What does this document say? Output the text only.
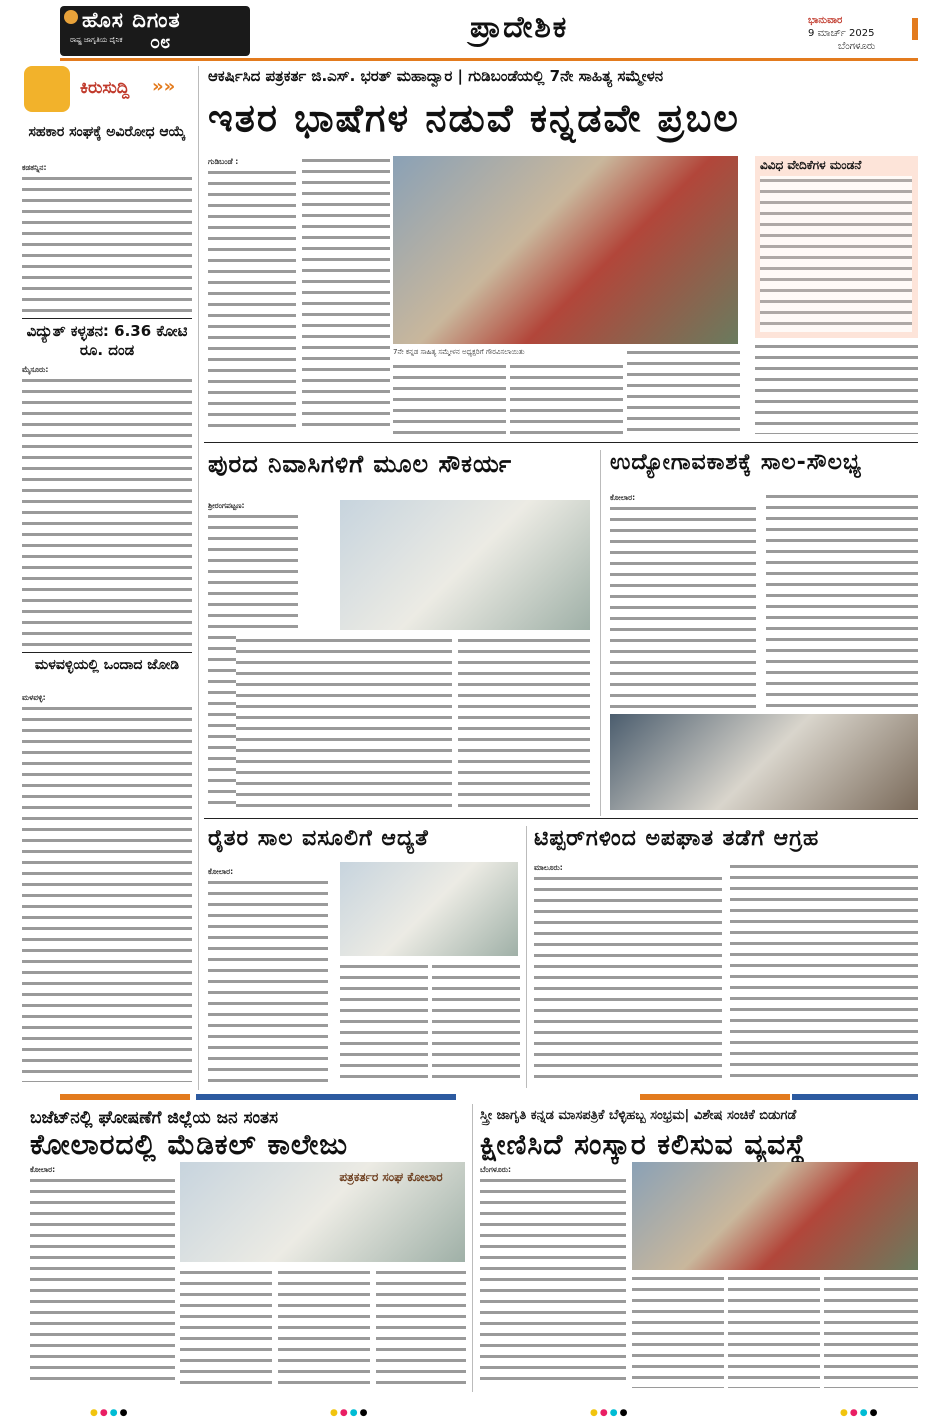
ಹೊಸ ದಿಗಂತ
ರಾಷ್ಟ್ರ ಜಾಗೃತಿಯ ದೈನಿಕ ೦೮	ಪ್ರಾದೇಶಿಕ	ಭಾನುವಾರ
9 ಮಾರ್ಚ್ 2025
ಬೆಂಗಳೂರು
ಕಿರುಸುದ್ದಿ »»
ಸಹಕಾರ ಸಂಘಕ್ಕೆ ಅವಿರೋಧ ಆಯ್ಕೆ
ಕಡತನ್ನಿನ:
ವಿದ್ಯುತ್ ಕಳ್ಳತನ: 6.36 ಕೋಟಿ ರೂ. ದಂಡ
ಮೈಸೂರು:
ಮಳವಳ್ಳಿಯಲ್ಲಿ ಒಂದಾದ ಜೋಡಿ
ಮಳವಳ್ಳಿ:
ಆಕರ್ಷಿಸಿದ ಪತ್ರಕರ್ತ ಜಿ.ಎಸ್. ಭರತ್ ಮಹಾದ್ವಾರ | ಗುಡಿಬಂಡೆಯಲ್ಲಿ 7ನೇ ಸಾಹಿತ್ಯ ಸಮ್ಮೇಳನ
ಇತರ ಭಾಷೆಗಳ ನಡುವೆ ಕನ್ನಡವೇ ಪ್ರಬಲ
ಗುಡಿಬಂಡೆ :
7ನೇ ಕನ್ನಡ ಸಾಹಿತ್ಯ ಸಮ್ಮೇಳನ ಅಧ್ಯಕ್ಷರಿಗೆ ಗೌರವಿಸಲಾಯಿತು
ವಿವಿಧ ವೇದಿಕೆಗಳ ಮಂಡನೆ
ಪುರದ ನಿವಾಸಿಗಳಿಗೆ ಮೂಲ ಸೌಕರ್ಯ
ಶ್ರೀರಂಗಪಟ್ಟಣ:
ಉದ್ಯೋಗಾವಕಾಶಕ್ಕೆ ಸಾಲ-ಸೌಲಭ್ಯ
ಕೋಲಾರ:
ರೈತರ ಸಾಲ ವಸೂಲಿಗೆ ಆದ್ಯತೆ
ಕೋಲಾರ:
ಟಿಪ್ಪರ್‌ಗಳಿಂದ ಅಪಘಾತ ತಡೆಗೆ ಆಗ್ರಹ
ಮಾಲೂರು:
ಬಜೆಟ್‌ನಲ್ಲಿ ಘೋಷಣೆಗೆ ಜಿಲ್ಲೆಯ ಜನ ಸಂತಸ
ಕೋಲಾರದಲ್ಲಿ ಮೆಡಿಕಲ್ ಕಾಲೇಜು
ಕೋಲಾರ:
ಪತ್ರಕರ್ತರ ಸಂಘ ಕೋಲಾರ
ಸ್ತ್ರೀ ಜಾಗೃತಿ ಕನ್ನಡ ಮಾಸಪತ್ರಿಕೆ ಬೆಳ್ಳಿಹಬ್ಬ ಸಂಭ್ರಮ| ವಿಶೇಷ ಸಂಚಿಕೆ ಬಿಡುಗಡೆ
ಕ್ಷೀಣಿಸಿದೆ ಸಂಸ್ಕಾರ ಕಲಿಸುವ ವ್ಯವಸ್ಥೆ
ಬೆಂಗಳೂರು:
●●●●	●●●●	●●●●	●●●●
